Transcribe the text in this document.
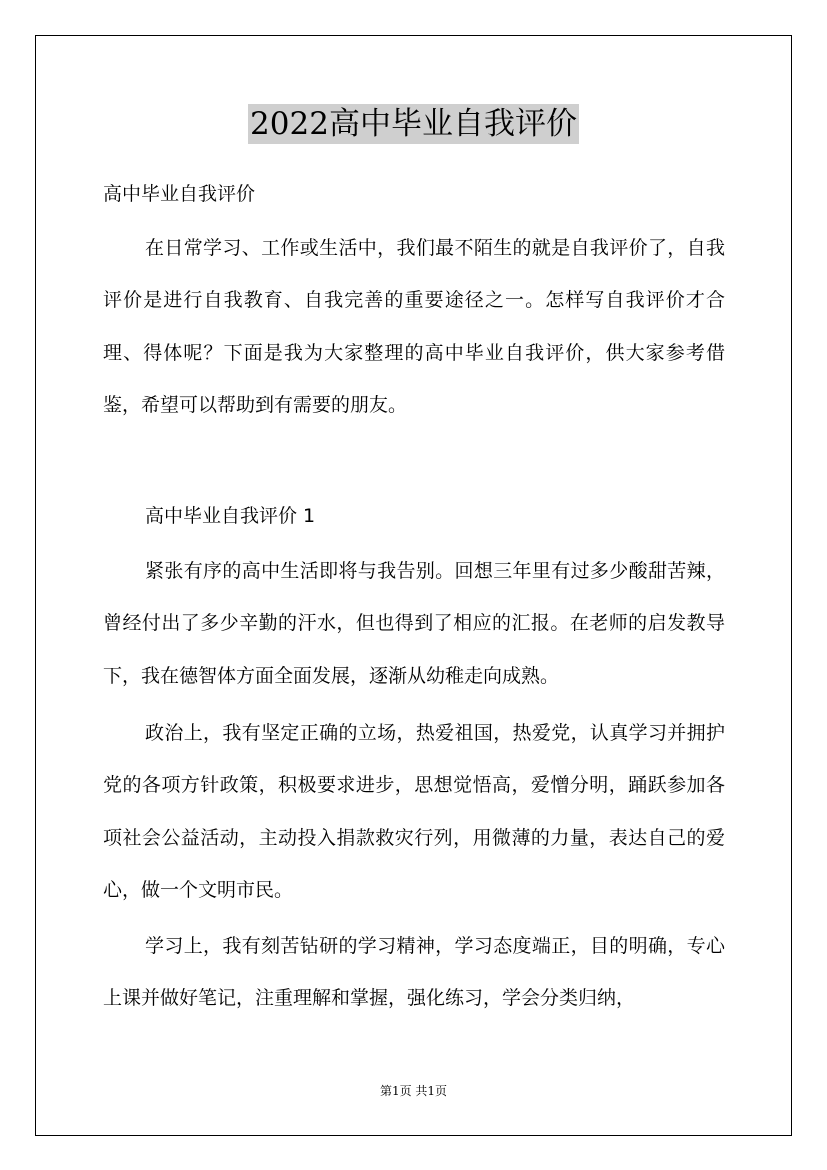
2022高中毕业自我评价
高中毕业自我评价

在日常学习、工作或生活中，我们最不陌生的就是自我评价了，自我评价是进行自我教育、自我完善的重要途径之一。怎样写自我评价才合理、得体呢？下面是我为大家整理的高中毕业自我评价，供大家参考借鉴，希望可以帮助到有需要的朋友。

高中毕业自我评价 1

紧张有序的高中生活即将与我告别。回想三年里有过多少酸甜苦辣，曾经付出了多少辛勤的汗水，但也得到了相应的汇报。在老师的启发教导下，我在德智体方面全面发展，逐渐从幼稚走向成熟。

政治上，我有坚定正确的立场，热爱祖国，热爱党，认真学习并拥护党的各项方针政策，积极要求进步，思想觉悟高，爱憎分明，踊跃参加各项社会公益活动，主动投入捐款救灾行列，用微薄的力量，表达自己的爱心，做一个文明市民。

学习上，我有刻苦钻研的学习精神，学习态度端正，目的明确，专心上课并做好笔记，注重理解和掌握，强化练习，学会分类归纳，

第1页 共1页
